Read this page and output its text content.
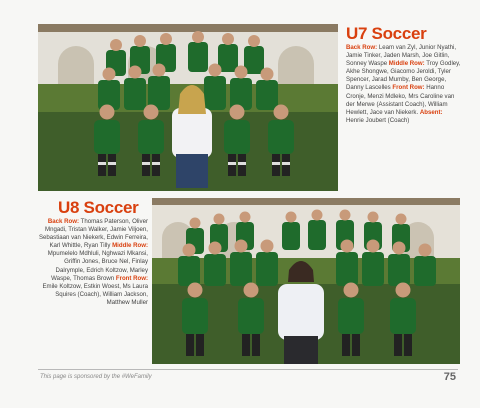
U7 Soccer
Back Row: Leam van Zyl, Junior Nyathi, Jamie Tinker, Jaden Marsh, Joe Gitlin, Sonney Waspe Middle Row: Troy Godley, Akhe Shongwe, Giacomo Jeroldi, Tyler Spencer, Jarad Mumby, Ben George, Danny Lascelles Front Row: Hanno Cronje, Menzi Mdleko, Mrs Caroline van der Merwe (Assistant Coach), William Hewlett, Jace van Niekerk. Absent: Henrie Joubert (Coach)
U8 Soccer
Back Row: Thomas Paterson, Oliver Mngadi, Tristan Walker, Jamie Viljoen, Sebastiaan van Niekerk, Edwin Ferreira, Karl Whittle, Ryan Tilly Middle Row: Mpumelelo Mdhluli, Nghwazi Mkansi, Griffin Jones, Bruce Nel, Finlay Dalrymple, Edrich Koltzow, Marley Waspe, Thomas Brown Front Row: Emile Koltzow, Estkin Woest, Ms Laura Squires (Coach), William Jackson, Matthew Muller
This page is sponsored by the #WeFamily	75
